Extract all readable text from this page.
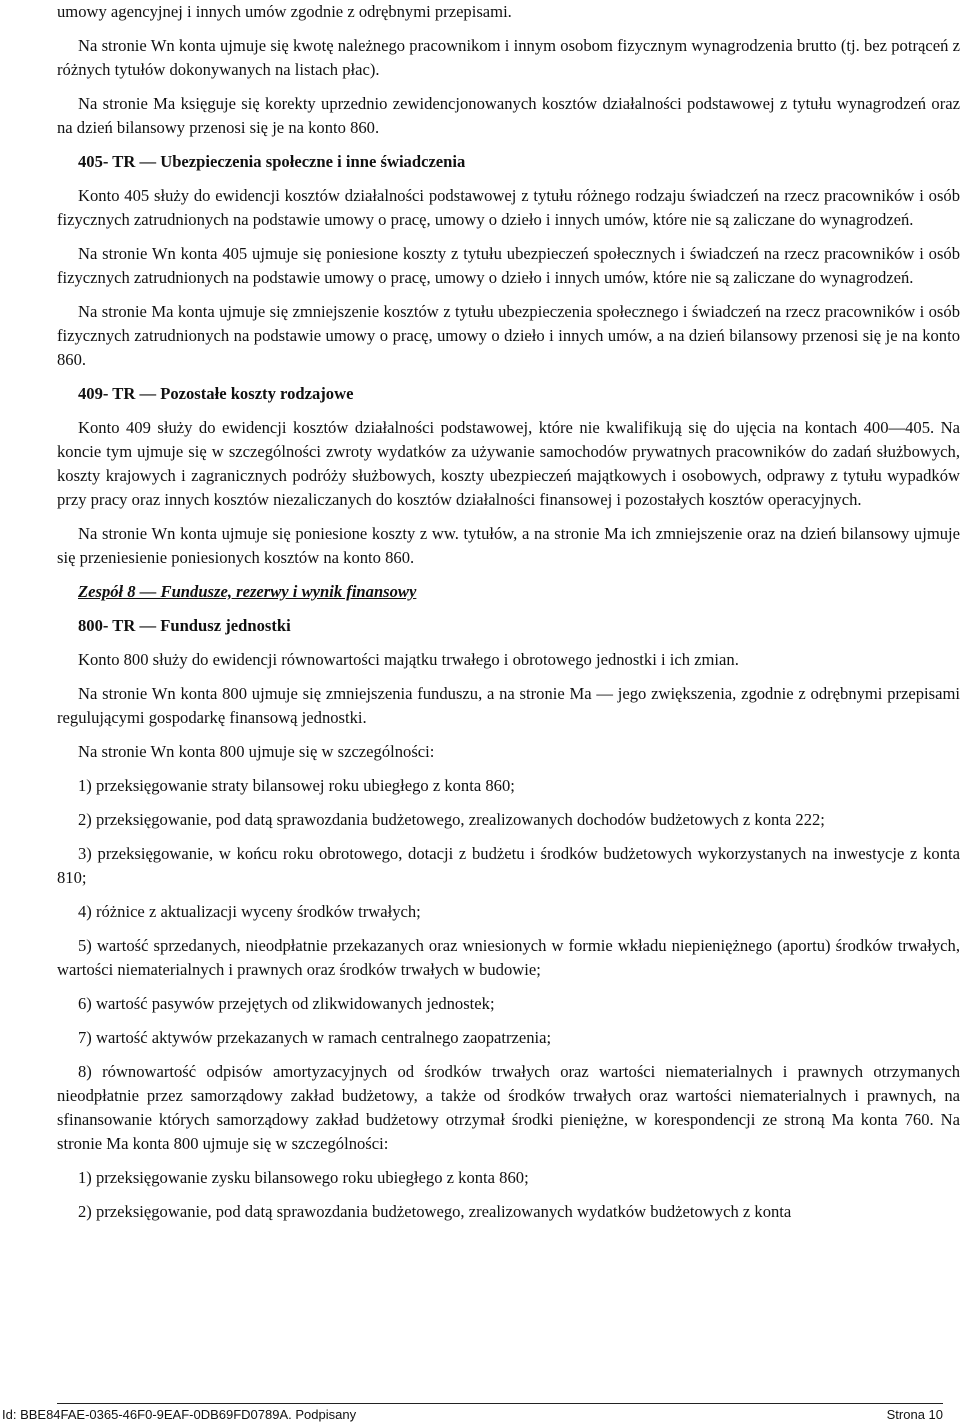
umowy agencyjnej i innych umów zgodnie z odrębnymi przepisami.

Na stronie Wn konta ujmuje się kwotę należnego pracownikom i innym osobom fizycznym wynagrodzenia brutto (tj. bez potrąceń z różnych tytułów dokonywanych na listach płac).

Na stronie Ma księguje się korekty uprzednio zewidencjonowanych kosztów działalności podstawowej z tytułu wynagrodzeń oraz na dzień bilansowy przenosi się je na konto 860.

405- TR — Ubezpieczenia społeczne i inne świadczenia

Konto 405 służy do ewidencji kosztów działalności podstawowej z tytułu różnego rodzaju świadczeń na rzecz pracowników i osób fizycznych zatrudnionych na podstawie umowy o pracę, umowy o dzieło i innych umów, które nie są zaliczane do wynagrodzeń.

Na stronie Wn konta 405 ujmuje się poniesione koszty z tytułu ubezpieczeń społecznych i świadczeń na rzecz pracowników i osób fizycznych zatrudnionych na podstawie umowy o pracę, umowy o dzieło i innych umów, które nie są zaliczane do wynagrodzeń.

Na stronie Ma konta ujmuje się zmniejszenie kosztów z tytułu ubezpieczenia społecznego i świadczeń na rzecz pracowników i osób fizycznych zatrudnionych na podstawie umowy o pracę, umowy o dzieło i innych umów, a na dzień bilansowy przenosi się je na konto 860.

409- TR — Pozostałe koszty rodzajowe

Konto 409 służy do ewidencji kosztów działalności podstawowej, które nie kwalifikują się do ujęcia na kontach 400—405. Na koncie tym ujmuje się w szczególności zwroty wydatków za używanie samochodów prywatnych pracowników do zadań służbowych, koszty krajowych i zagranicznych podróży służbowych, koszty ubezpieczeń majątkowych i osobowych, odprawy z tytułu wypadków przy pracy oraz innych kosztów niezaliczanych do kosztów działalności finansowej i pozostałych kosztów operacyjnych.

Na stronie Wn konta ujmuje się poniesione koszty z ww. tytułów, a na stronie Ma ich zmniejszenie oraz na dzień bilansowy ujmuje się przeniesienie poniesionych kosztów na konto 860.

Zespół 8 — Fundusze, rezerwy i wynik finansowy

800- TR — Fundusz jednostki

Konto 800 służy do ewidencji równowartości majątku trwałego i obrotowego jednostki i ich zmian.

Na stronie Wn konta 800 ujmuje się zmniejszenia funduszu, a na stronie Ma — jego zwiększenia, zgodnie z odrębnymi przepisami regulującymi gospodarkę finansową jednostki.

Na stronie Wn konta 800 ujmuje się w szczególności:

1) przeksięgowanie straty bilansowej roku ubiegłego z konta 860;

2) przeksięgowanie, pod datą sprawozdania budżetowego, zrealizowanych dochodów budżetowych z konta 222;

3) przeksięgowanie, w końcu roku obrotowego, dotacji z budżetu i środków budżetowych wykorzystanych na inwestycje z konta 810;

4) różnice z aktualizacji wyceny środków trwałych;

5) wartość sprzedanych, nieodpłatnie przekazanych oraz wniesionych w formie wkładu niepieniężnego (aportu) środków trwałych, wartości niematerialnych i prawnych oraz środków trwałych w budowie;

6) wartość pasywów przejętych od zlikwidowanych jednostek;

7) wartość aktywów przekazanych w ramach centralnego zaopatrzenia;

8) równowartość odpisów amortyzacyjnych od środków trwałych oraz wartości niematerialnych i prawnych otrzymanych nieodpłatnie przez samorządowy zakład budżetowy, a także od środków trwałych oraz wartości niematerialnych i prawnych, na sfinansowanie których samorządowy zakład budżetowy otrzymał środki pieniężne, w korespondencji ze stroną Ma konta 760. Na stronie Ma konta 800 ujmuje się w szczególności:

1) przeksięgowanie zysku bilansowego roku ubiegłego z konta 860;

2) przeksięgowanie, pod datą sprawozdania budżetowego, zrealizowanych wydatków budżetowych z konta

Id: BBE84FAE-0365-46F0-9EAF-0DB69FD0789A. Podpisany	Strona 10
